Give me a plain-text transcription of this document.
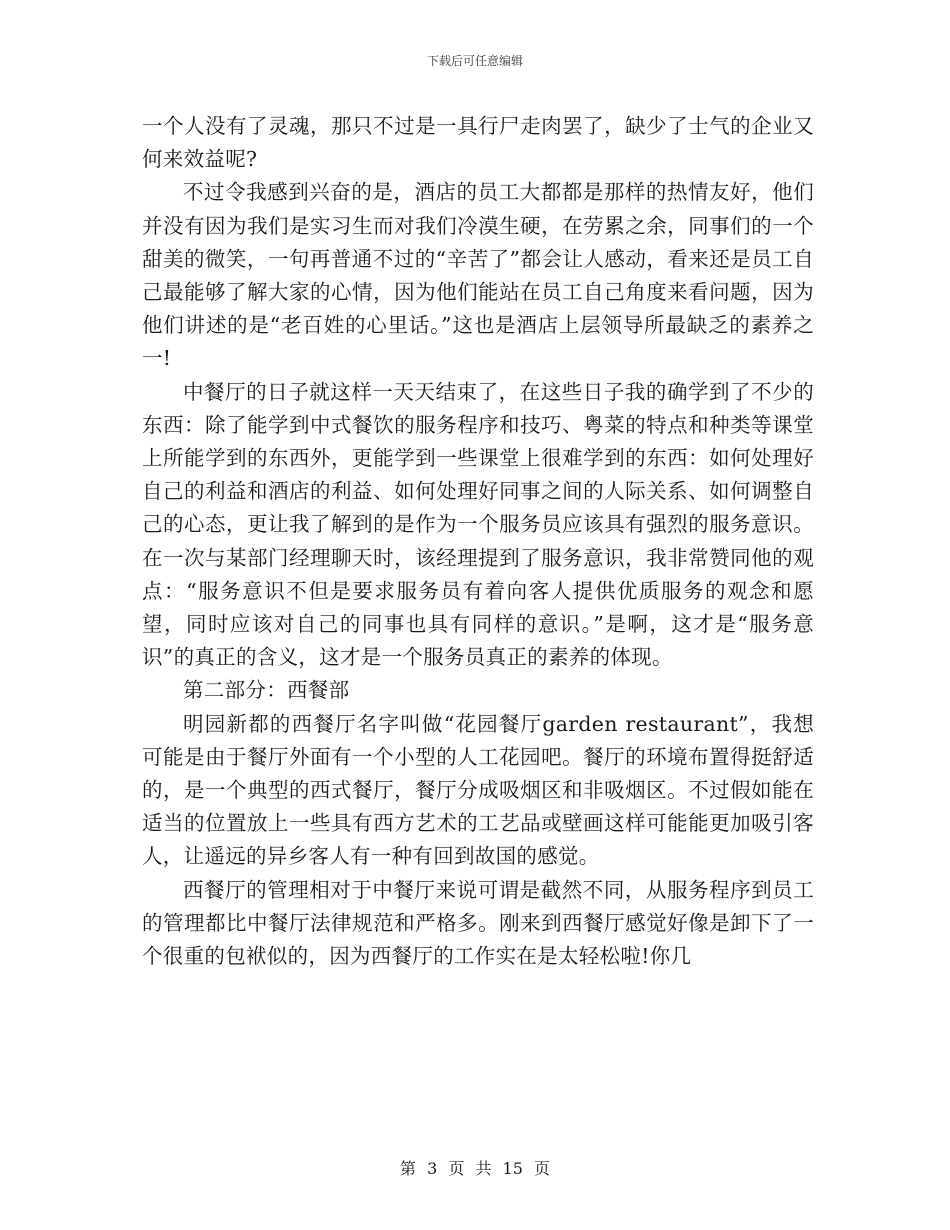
下载后可任意编辑

一个人没有了灵魂，那只不过是一具行尸走肉罢了，缺少了士气的企业又何来效益呢?

不过令我感到兴奋的是，酒店的员工大都都是那样的热情友好，他们并没有因为我们是实习生而对我们冷漠生硬，在劳累之余，同事们的一个甜美的微笑，一句再普通不过的“辛苦了”都会让人感动，看来还是员工自己最能够了解大家的心情，因为他们能站在员工自己角度来看问题，因为他们讲述的是“老百姓的心里话。”这也是酒店上层领导所最缺乏的素养之一!

中餐厅的日子就这样一天天结束了，在这些日子我的确学到了不少的东西：除了能学到中式餐饮的服务程序和技巧、粤菜的特点和种类等课堂上所能学到的东西外，更能学到一些课堂上很难学到的东西：如何处理好自己的利益和酒店的利益、如何处理好同事之间的人际关系、如何调整自己的心态，更让我了解到的是作为一个服务员应该具有强烈的服务意识。在一次与某部门经理聊天时，该经理提到了服务意识，我非常赞同他的观点：“服务意识不但是要求服务员有着向客人提供优质服务的观念和愿望，同时应该对自己的同事也具有同样的意识。”是啊，这才是“服务意识”的真正的含义，这才是一个服务员真正的素养的体现。

第二部分：西餐部

明园新都的西餐厅名字叫做“花园餐厅garden restaurant”，我想可能是由于餐厅外面有一个小型的人工花园吧。餐厅的环境布置得挺舒适的，是一个典型的西式餐厅，餐厅分成吸烟区和非吸烟区。不过假如能在适当的位置放上一些具有西方艺术的工艺品或壁画这样可能能更加吸引客人，让遥远的异乡客人有一种有回到故国的感觉。

西餐厅的管理相对于中餐厅来说可谓是截然不同，从服务程序到员工的管理都比中餐厅法律规范和严格多。刚来到西餐厅感觉好像是卸下了一个很重的包袱似的，因为西餐厅的工作实在是太轻松啦!你几

第 3 页 共 15 页
